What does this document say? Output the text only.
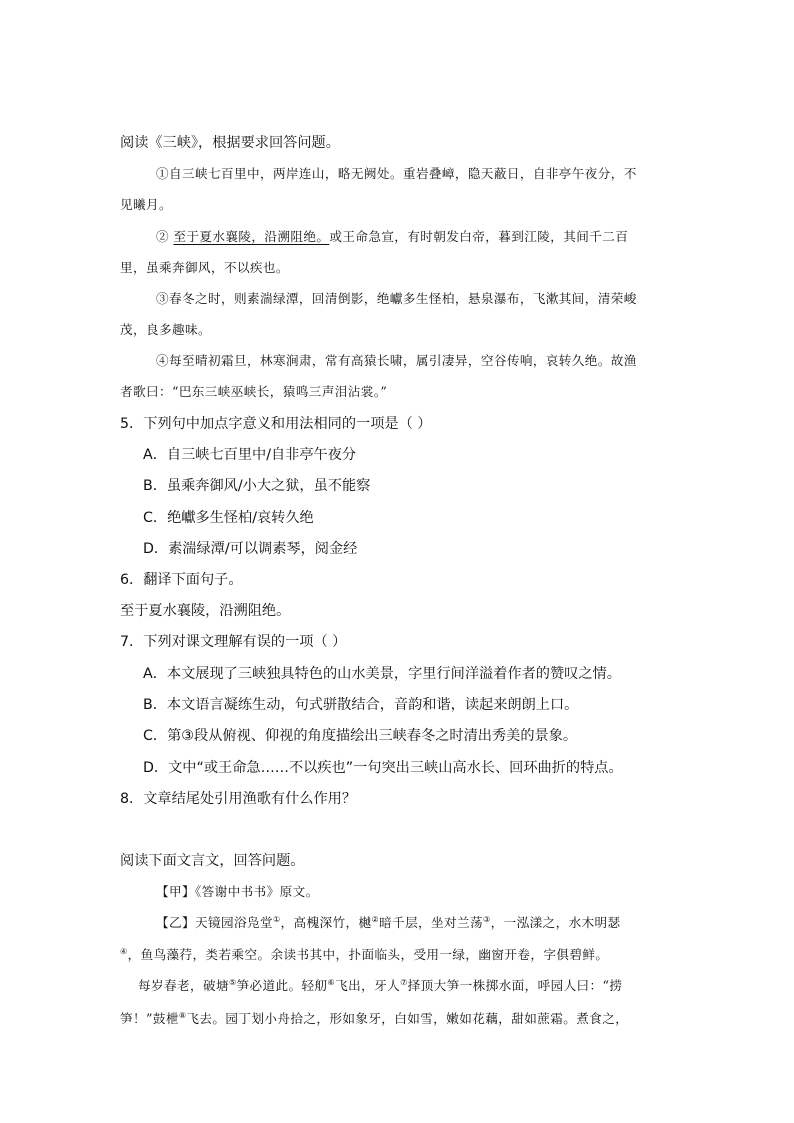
阅读《三峡》，根据要求回答问题。
①自三峡七百里中，两岸连山，略无阙处。重岩叠嶂，隐天蔽日，自非亭午夜分，不
见曦月。
② 至于夏水襄陵，沿溯阻绝。或王命急宣，有时朝发白帝，暮到江陵，其间千二百
里，虽乘奔御风，不以疾也。
③春冬之时，则素湍绿潭，回清倒影，绝巘多生怪柏，悬泉瀑布，飞漱其间，清荣峻
茂，良多趣味。
④每至晴初霜旦，林寒涧肃，常有高猿长啸，属引凄异，空谷传响，哀转久绝。故渔
者歌曰：“巴东三峡巫峡长，猿鸣三声泪沾裳。”
5．下列句中加点字意义和用法相同的一项是（ ）
A．自三峡七百里中/自非亭午夜分
B．虽乘奔御风/小大之狱，虽不能察
C．绝巘多生怪柏/哀转久绝
D．素湍绿潭/可以调素琴，阅金经
6．翻译下面句子。
至于夏水襄陵，沿溯阻绝。
7．下列对课文理解有误的一项（ ）
A．本文展现了三峡独具特色的山水美景，字里行间洋溢着作者的赞叹之情。
B．本文语言凝练生动，句式骈散结合，音韵和谐，读起来朗朗上口。
C．第③段从俯视、仰视的角度描绘出三峡春冬之时清出秀美的景象。
D．文中“或王命急……不以疾也”一句突出三峡山高水长、回环曲折的特点。
8．文章结尾处引用渔歌有什么作用？
阅读下面文言文，回答问题。
【甲】《答谢中书书》原文。
【乙】天镜园浴凫堂①，高槐深竹，樾②暗千层，坐对兰荡③，一泓漾之，水木明瑟
④，鱼鸟藻荇，类若乘空。余读书其中，扑面临头，受用一绿，幽窗开卷，字俱碧鲜。
每岁春老，破塘⑤笋必道此。轻舠⑥飞出，牙人⑦择顶大笋一株掷水面，呼园人曰：“捞
笋！”鼓枻⑧飞去。园丁划小舟拾之，形如象牙，白如雪，嫩如花藕，甜如蔗霜。煮食之，
